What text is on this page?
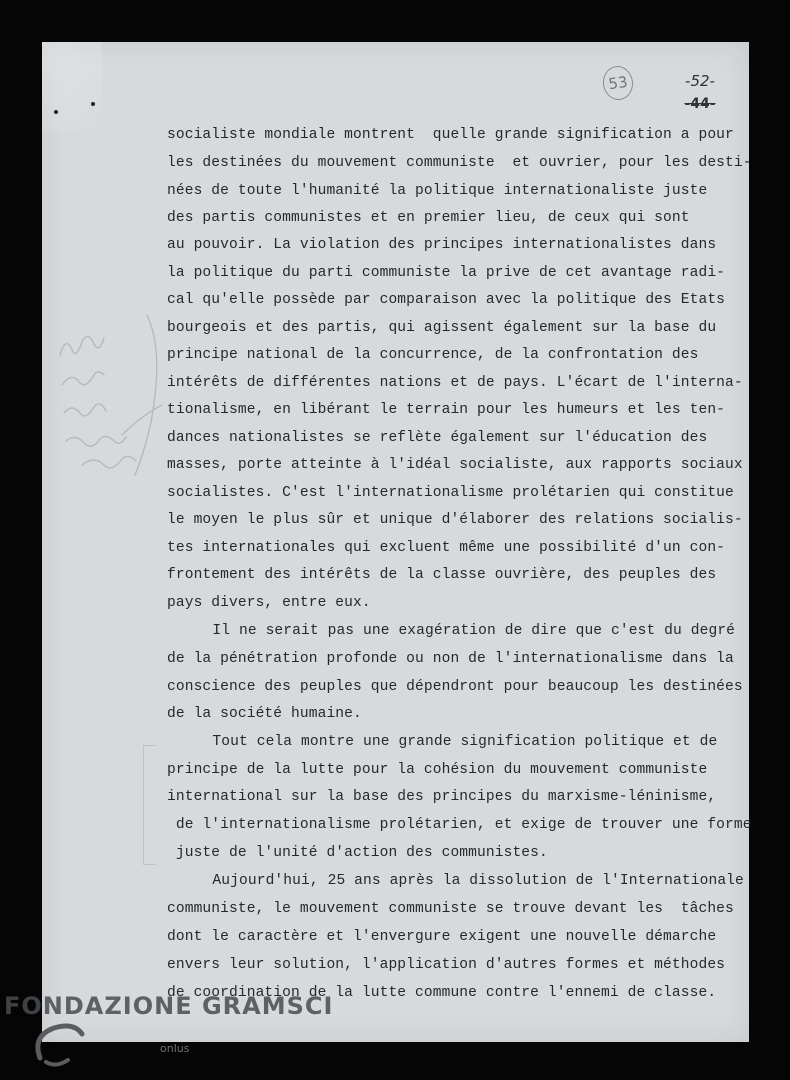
53	-52-
-44-
socialiste mondiale montrent  quelle grande signification a pour
les destinées du mouvement communiste  et ouvrier, pour les desti-
nées de toute l'humanité la politique internationaliste juste
des partis communistes et en premier lieu, de ceux qui sont
au pouvoir. La violation des principes internationalistes dans
la politique du parti communiste la prive de cet avantage radi-
cal qu'elle possède par comparaison avec la politique des Etats
bourgeois et des partis, qui agissent également sur la base du
principe national de la concurrence, de la confrontation des
intérêts de différentes nations et de pays. L'écart de l'interna-
tionalisme, en libérant le terrain pour les humeurs et les ten-
dances nationalistes se reflète également sur l'éducation des
masses, porte atteinte à l'idéal socialiste, aux rapports sociaux
socialistes. C'est l'internationalisme prolétarien qui constitue
le moyen le plus sûr et unique d'élaborer des relations socialis-
tes internationales qui excluent même une possibilité d'un con-
frontement des intérêts de la classe ouvrière, des peuples des
pays divers, entre eux.
Il ne serait pas une exagération de dire que c'est du degré
de la pénétration profonde ou non de l'internationalisme dans la
conscience des peuples que dépendront pour beaucoup les destinées
de la société humaine.
Tout cela montre une grande signification politique et de
principe de la lutte pour la cohésion du mouvement communiste
international sur la base des principes du marxisme-léninisme,
de l'internationalisme prolétarien, et exige de trouver une forme
juste de l'unité d'action des communistes.
Aujourd'hui, 25 ans après la dissolution de l'Internationale
communiste, le mouvement communiste se trouve devant les  tâches
dont le caractère et l'envergure exigent une nouvelle démarche
envers leur solution, l'application d'autres formes et méthodes
de coordination de la lutte commune contre l'ennemi de classe.
FONDAZIONE GRAMSCI
onlus
